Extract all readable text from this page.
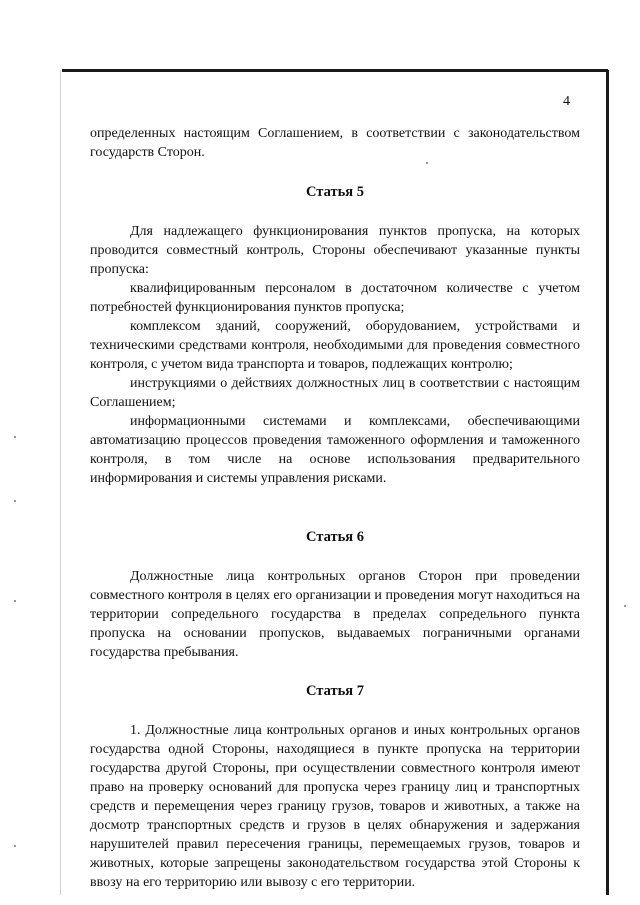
4

определенных настоящим Соглашением, в соответствии с законодательством государств Сторон.

Статья 5

Для надлежащего функционирования пунктов пропуска, на которых проводится совместный контроль, Стороны обеспечивают указанные пункты пропуска:

квалифицированным персоналом в достаточном количестве с учетом потребностей функционирования пунктов пропуска;

комплексом зданий, сооружений, оборудованием, устройствами и техническими средствами контроля, необходимыми для проведения совместного контроля, с учетом вида транспорта и товаров, подлежащих контролю;

инструкциями о действиях должностных лиц в соответствии с настоящим Соглашением;

информационными системами и комплексами, обеспечивающими автоматизацию процессов проведения таможенного оформления и таможенного контроля, в том числе на основе использования предварительного информирования и системы управления рисками.

Статья 6

Должностные лица контрольных органов Сторон при проведении совместного контроля в целях его организации и проведения могут находиться на территории сопредельного государства в пределах сопредельного пункта пропуска на основании пропусков, выдаваемых пограничными органами государства пребывания.

Статья 7

1. Должностные лица контрольных органов и иных контрольных органов государства одной Стороны, находящиеся в пункте пропуска на территории государства другой Стороны, при осуществлении совместного контроля имеют право на проверку оснований для пропуска через границу лиц и транспортных средств и перемещения через границу грузов, товаров и животных, а также на досмотр транспортных средств и грузов в целях обнаружения и задержания нарушителей правил пересечения границы, перемещаемых грузов, товаров и животных, которые запрещены законодательством государства этой Стороны к ввозу на его территорию или вывозу с его территории.
